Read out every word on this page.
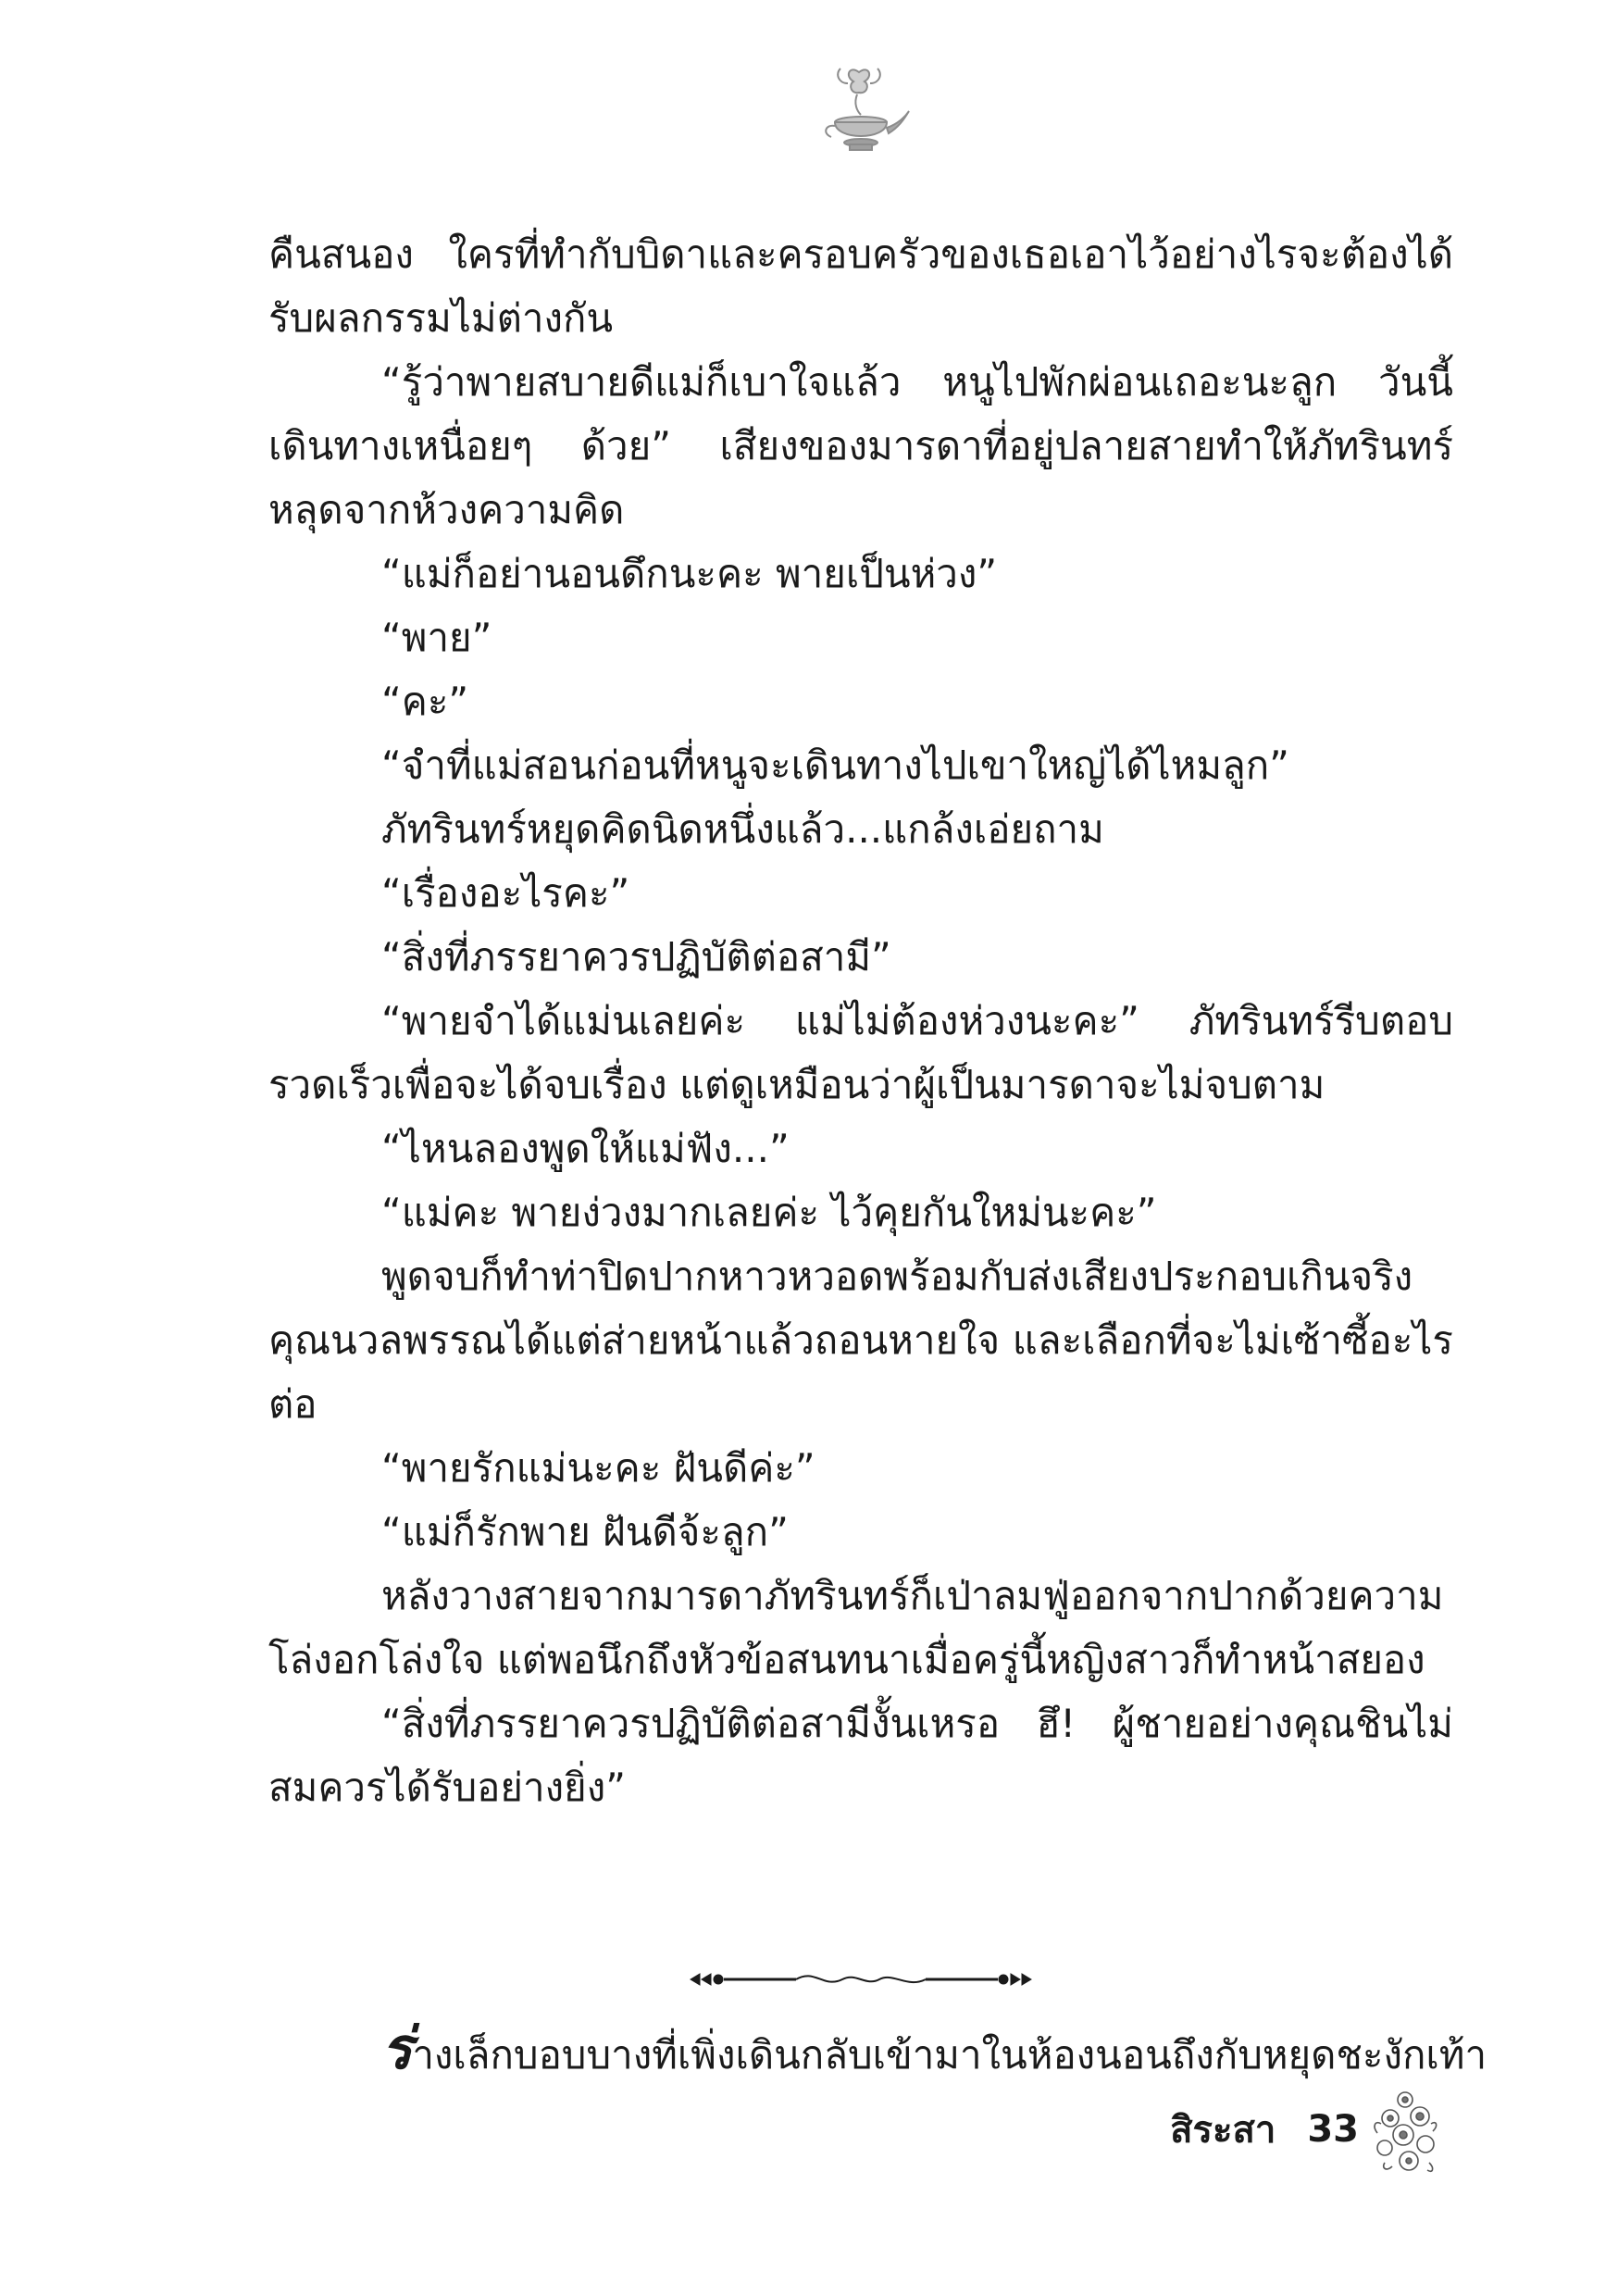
คืนสนอง ใครที่ทำกับบิดาและครอบครัวของเธอเอาไว้อย่างไรจะต้องได้รับผลกรรมไม่ต่างกัน

“รู้ว่าพายสบายดีแม่ก็เบาใจแล้ว หนูไปพักผ่อนเถอะนะลูก วันนี้เดินทางเหนื่อยๆ ด้วย” เสียงของมารดาที่อยู่ปลายสายทำให้ภัทรินทร์หลุดจากห้วงความคิด

“แม่ก็อย่านอนดึกนะคะ พายเป็นห่วง”

“พาย”

“คะ”

“จำที่แม่สอนก่อนที่หนูจะเดินทางไปเขาใหญ่ได้ไหมลูก”

ภัทรินทร์หยุดคิดนิดหนึ่งแล้ว...แกล้งเอ่ยถาม

“เรื่องอะไรคะ”

“สิ่งที่ภรรยาควรปฏิบัติต่อสามี”

“พายจำได้แม่นเลยค่ะ แม่ไม่ต้องห่วงนะคะ” ภัทรินทร์รีบตอบรวดเร็วเพื่อจะได้จบเรื่อง แต่ดูเหมือนว่าผู้เป็นมารดาจะไม่จบตาม

“ไหนลองพูดให้แม่ฟัง...”

“แม่คะ พายง่วงมากเลยค่ะ ไว้คุยกันใหม่นะคะ”

พูดจบก็ทำท่าปิดปากหาวหวอดพร้อมกับส่งเสียงประกอบเกินจริงคุณนวลพรรณได้แต่ส่ายหน้าแล้วถอนหายใจ และเลือกที่จะไม่เซ้าซี้อะไรต่อ

“พายรักแม่นะคะ ฝันดีค่ะ”

“แม่ก็รักพาย ฝันดีจ้ะลูก”

หลังวางสายจากมารดาภัทรินทร์ก็เป่าลมฟู่ออกจากปากด้วยความโล่งอกโล่งใจ แต่พอนึกถึงหัวข้อสนทนาเมื่อครู่นี้หญิงสาวก็ทำหน้าสยอง

“สิ่งที่ภรรยาควรปฏิบัติต่อสามีงั้นเหรอ ฮึ! ผู้ชายอย่างคุณชินไม่สมควรได้รับอย่างยิ่ง”

ร่างเล็กบอบบางที่เพิ่งเดินกลับเข้ามาในห้องนอนถึงกับหยุดชะงักเท้า

สิระสา 33
